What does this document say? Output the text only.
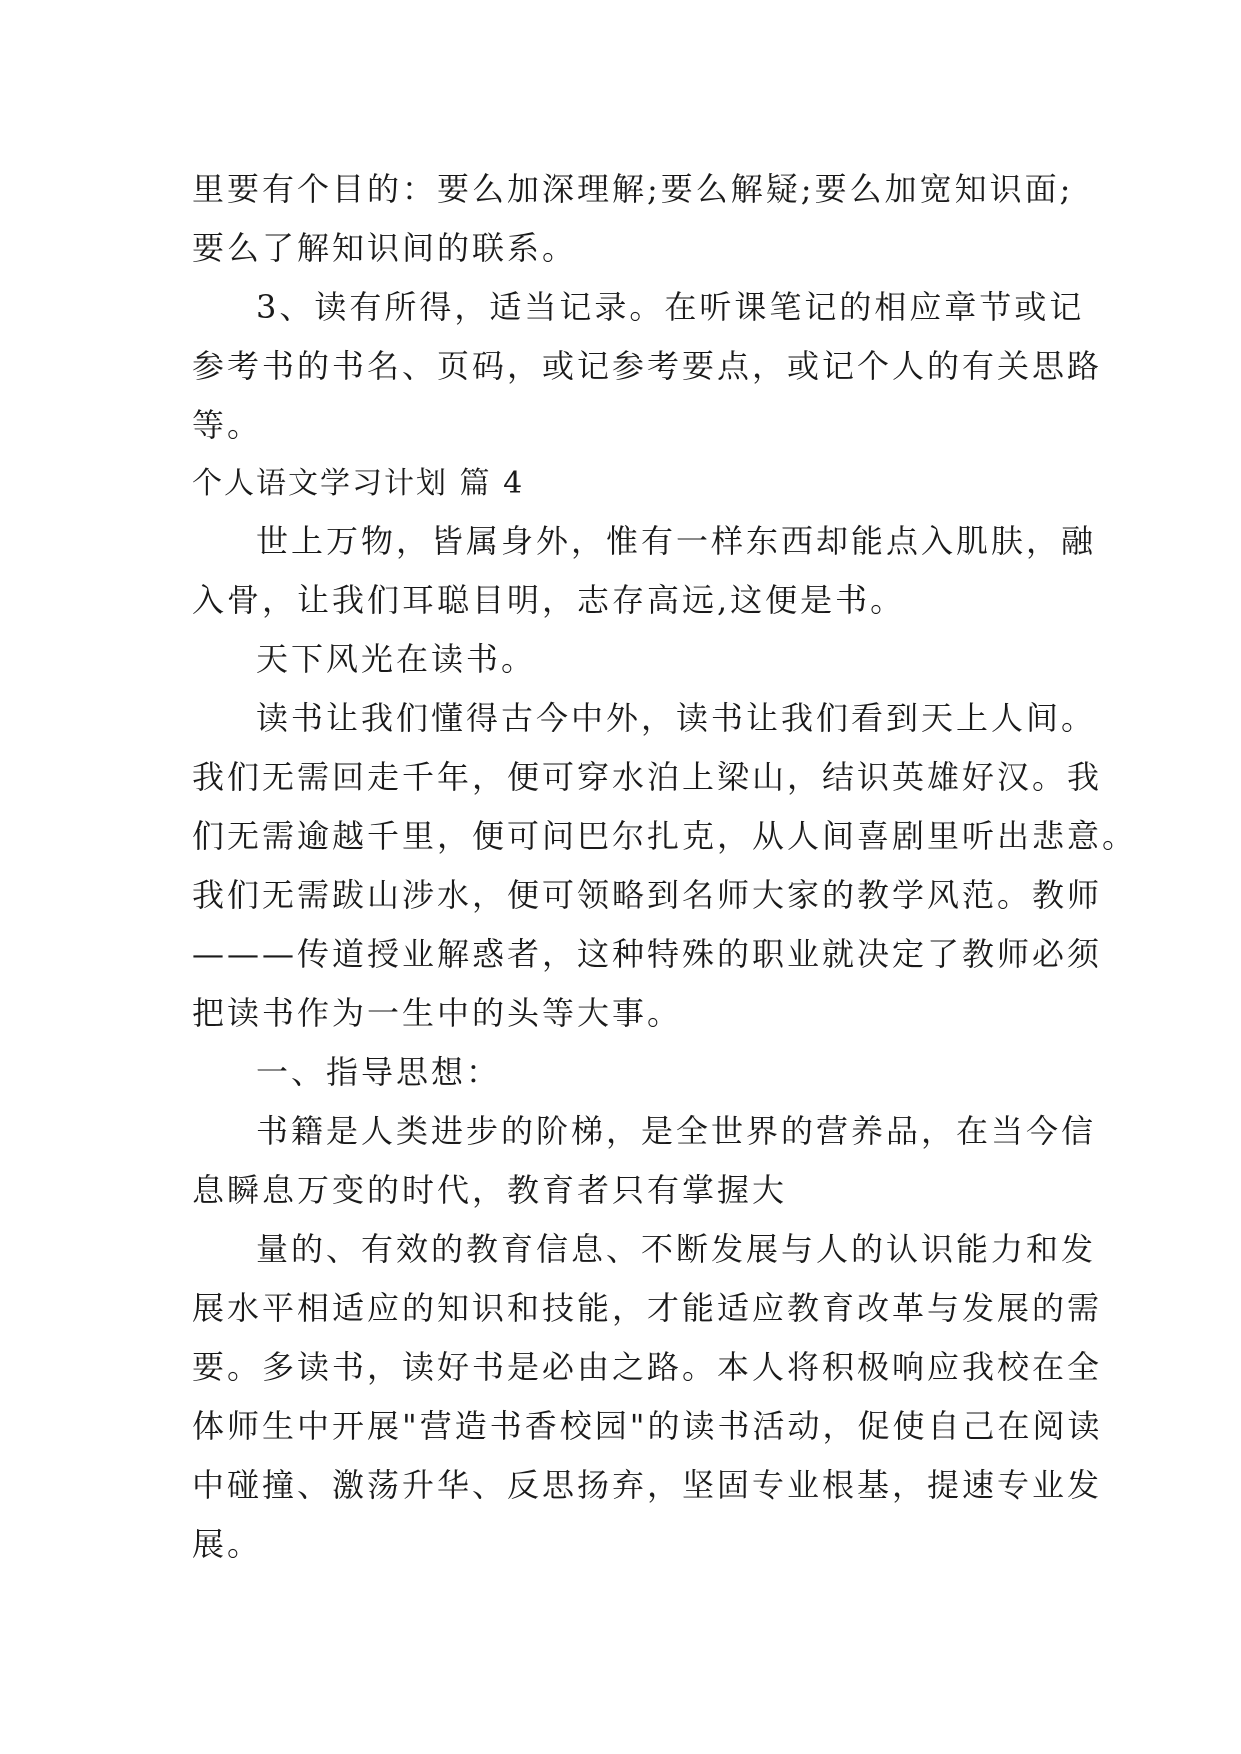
里要有个目的：要么加深理解;要么解疑;要么加宽知识面;
要么了解知识间的联系。
3、读有所得，适当记录。在听课笔记的相应章节或记
参考书的书名、页码，或记参考要点，或记个人的有关思路
等。
个人语文学习计划 篇 4
世上万物，皆属身外，惟有一样东西却能点入肌肤，融
入骨，让我们耳聪目明，志存高远,这便是书。
天下风光在读书。
读书让我们懂得古今中外，读书让我们看到天上人间。
我们无需回走千年，便可穿水泊上梁山，结识英雄好汉。我
们无需逾越千里，便可问巴尔扎克，从人间喜剧里听出悲意。
我们无需跋山涉水，便可领略到名师大家的教学风范。教师
———传道授业解惑者，这种特殊的职业就决定了教师必须
把读书作为一生中的头等大事。
一、指导思想：
书籍是人类进步的阶梯，是全世界的营养品，在当今信
息瞬息万变的时代，教育者只有掌握大
量的、有效的教育信息、不断发展与人的认识能力和发
展水平相适应的知识和技能，才能适应教育改革与发展的需
要。多读书，读好书是必由之路。本人将积极响应我校在全
体师生中开展"营造书香校园"的读书活动，促使自己在阅读
中碰撞、激荡升华、反思扬弃，坚固专业根基，提速专业发
展。
